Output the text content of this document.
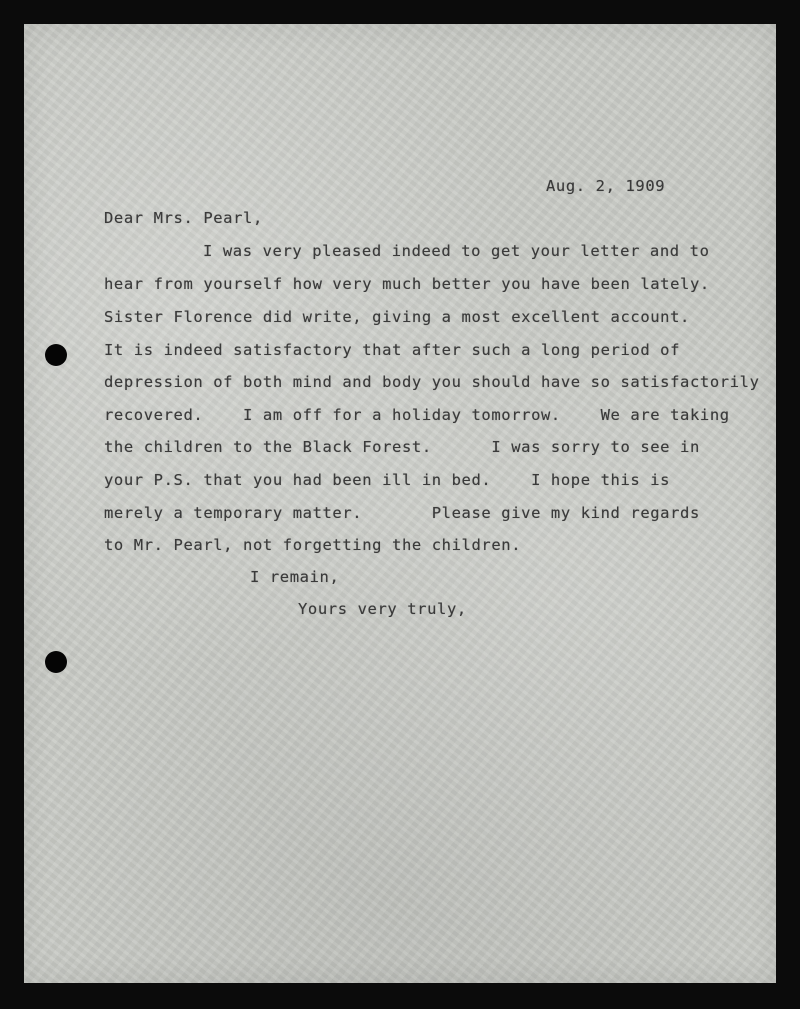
Aug. 2, 1909
Dear Mrs. Pearl,
I was very pleased indeed to get your letter and to
hear from yourself how very much better you have been lately.
Sister Florence did write, giving a most excellent account.
It is indeed satisfactory that after such a long period of
depression of both mind and body you should have so satisfactorily
recovered.    I am off for a holiday tomorrow.    We are taking
the children to the Black Forest.      I was sorry to see in
your P.S. that you had been ill in bed.    I hope this is
merely a temporary matter.       Please give my kind regards
to Mr. Pearl, not forgetting the children.
I remain,
Yours very truly,
